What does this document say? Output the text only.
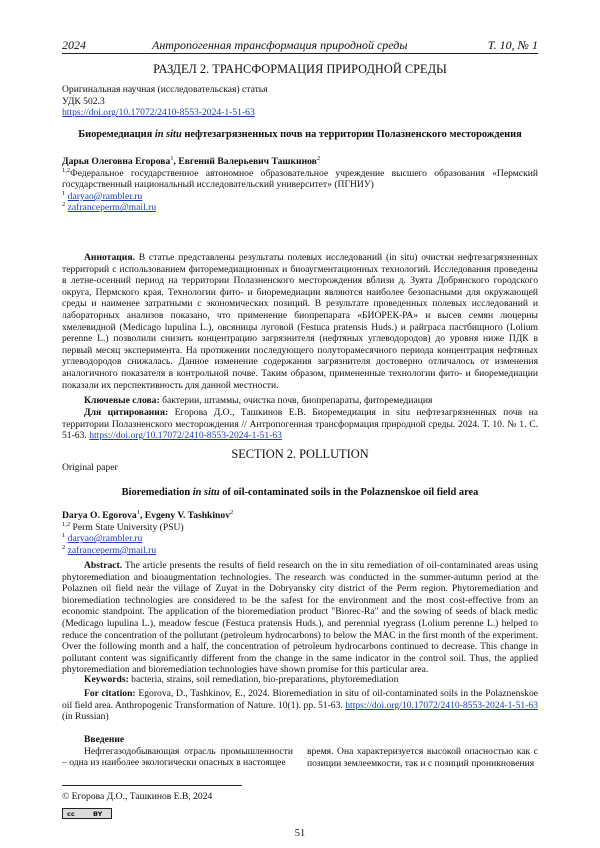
2024	Антропогенная трансформация природной среды	Т. 10, № 1
РАЗДЕЛ 2. ТРАНСФОРМАЦИЯ ПРИРОДНОЙ СРЕДЫ
Оригинальная научная (исследовательская) статья
УДК 502.3
https://doi.org/10.17072/2410-8553-2024-1-51-63
Биоремедиация in situ нефтезагрязненных почв на территории Полазненского месторождения
Дарья Олеговна Егорова$^1$, Евгений Валерьевич Ташкинов$^2$
$^{1,2}$Федеральное государственное автономное образовательное учреждение высшего образования «Пермский государственный национальный исследовательский университет» (ПГНИУ)
$^1$ daryao@rambler.ru
$^2$ zafranceperm@mail.ru
Аннотация. В статье представлены результаты полевых исследований (in situ) очистки нефтезагрязненных территорий с использованием фиторемедиационных и биоаугментационных технологий. Исследования проведены в летне-осенний период на территории Полазненского месторождения вблизи д. Зуята Добрянского городского округа, Пермского края. Технологии фито- и биоремедиации являются наиболее безопасными для окружающей среды и наименее затратными с экономических позиций. В результате проведенных полевых исследований и лабораторных анализов показано, что применение биопрепарата «БИОРЕК-РА» и высев семян люцерны хмелевидной (Medicago lupulina L.), овсяницы луговой (Festuca pratensis Huds.) и райграса пастбищного (Lolium perenne L.) позволили снизить концентрацию загрязнителя (нефтяных углеводородов) до уровня ниже ПДК в первый месяц эксперимента. На протяжении последующего полуторамесячного периода концентрация нефтяных углеводородов снижалась. Данное изменение содержания загрязнителя достоверно отличалось от изменения аналогичного показателя в контрольной почве. Таким образом, примененные технологии фито- и биоремедиации показали их перспективность для данной местности.
Ключевые слова: бактерии, штаммы, очистка почв, биопрепараты, фиторемедиация
Для цитирования: Егорова Д.О., Ташкинов Е.В. Биоремедиация in situ нефтезагрязненных почв на территории Полазненского месторождения // Антропогенная трансформация природной среды. 2024. Т. 10. № 1. С. 51-63. https://doi.org/10.17072/2410-8553-2024-1-51-63
SECTION 2. POLLUTION
Original paper
Bioremediation in situ of oil-contaminated soils in the Polaznenskoe oil field area
Darya O. Egorova$^1$, Evgeny V. Tashkinov$^2$
$^{1,2}$ Perm State University (PSU)
$^1$ daryao@rambler.ru
$^2$ zafranceperm@mail.ru
Abstract. The article presents the results of field research on the in situ remediation of oil-contaminated areas using phytoremediation and bioaugmentation technologies. The research was conducted in the summer-autumn period at the Polaznen oil field near the village of Zuyat in the Dobryansky city district of the Perm region. Phytoremediation and bioremediation technologies are considered to be the safest for the environment and the most cost-effective from an economic standpoint. The application of the bioremediation product "Biorec-Ra" and the sowing of seeds of black medic (Medicago lupulina L.), meadow fescue (Festuca pratensis Huds.), and perennial ryegrass (Lolium perenne L.) helped to reduce the concentration of the pollutant (petroleum hydrocarbons) to below the MAC in the first month of the experiment. Over the following month and a half, the concentration of petroleum hydrocarbons continued to decrease. This change in pollutant content was significantly different from the change in the same indicator in the control soil. Thus, the applied phytoremediation and bioremediation technologies have shown promise for this particular area.
Keywords: bacteria, strains, soil remediation, bio-preparations, phytoremediation
For citation: Egorova, D., Tashkinov, E., 2024. Bioremediation in situ of oil-contaminated soils in the Polaznenskoe oil field area. Anthropogenic Transformation of Nature. 10(1). pp. 51-63. https://doi.org/10.17072/2410-8553-2024-1-51-63 (in Russian)
Введение
Нефтегазодобывающая отрасль промышленности – одна из наиболее экологически опасных в настоящее
время. Она характеризуется высокой опасностью как с позиции землеемкости, так и с позиций проникновения
© Егорова Д.О., Ташкинов Е.В, 2024
cc	BY
51
